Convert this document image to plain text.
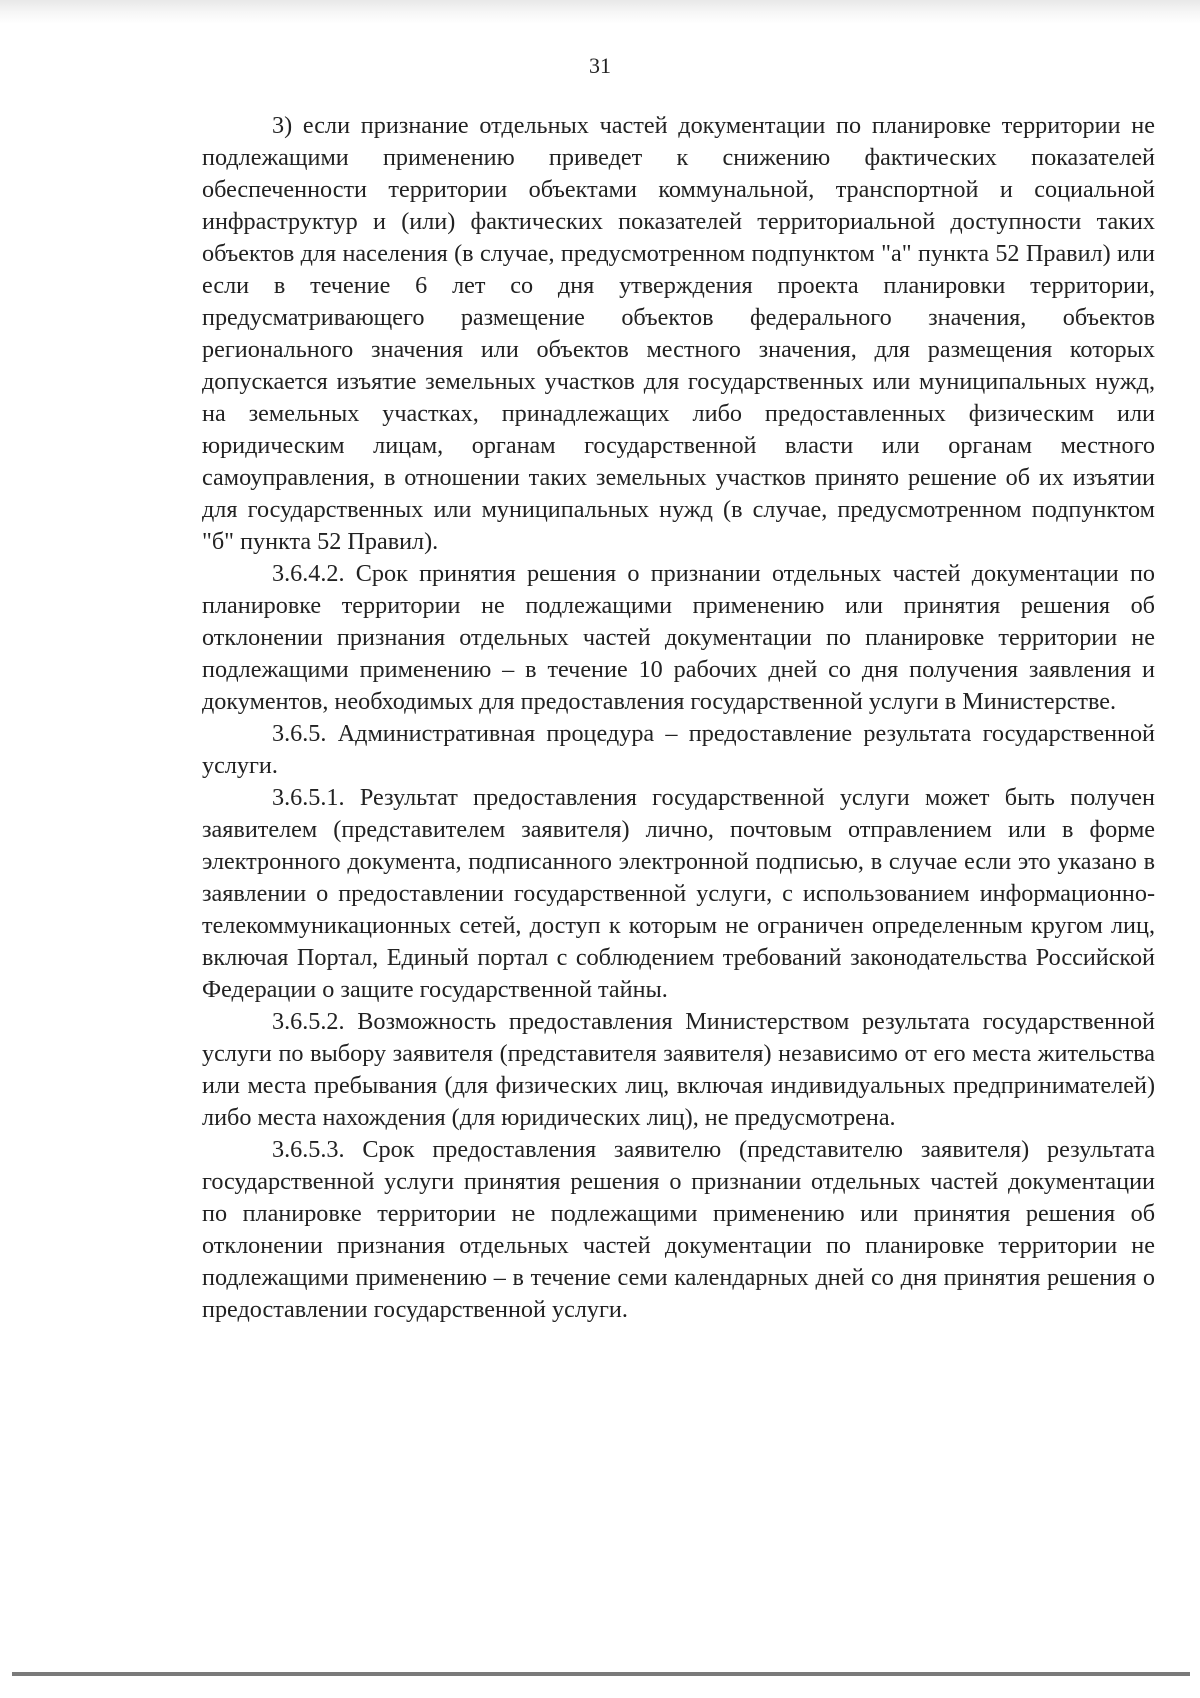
31

3) если признание отдельных частей документации по планировке территории не подлежащими применению приведет к снижению фактических показателей обеспеченности территории объектами коммунальной, транспортной и социальной инфраструктур и (или) фактических показателей территориальной доступности таких объектов для населения (в случае, предусмотренном подпунктом "а" пункта 52 Правил) или если в течение 6 лет со дня утверждения проекта планировки территории, предусматривающего размещение объектов федерального значения, объектов регионального значения или объектов местного значения, для размещения которых допускается изъятие земельных участков для государственных или муниципальных нужд, на земельных участках, принадлежащих либо предоставленных физическим или юридическим лицам, органам государственной власти или органам местного самоуправления, в отношении таких земельных участков принято решение об их изъятии для государственных или муниципальных нужд (в случае, предусмотренном подпунктом "б" пункта 52 Правил).

3.6.4.2. Срок принятия решения о признании отдельных частей документации по планировке территории не подлежащими применению или принятия решения об отклонении признания отдельных частей документации по планировке территории не подлежащими применению – в течение 10 рабочих дней со дня получения заявления и документов, необходимых для предоставления государственной услуги в Министерстве.

3.6.5. Административная процедура – предоставление результата государственной услуги.

3.6.5.1. Результат предоставления государственной услуги может быть получен заявителем (представителем заявителя) лично, почтовым отправлением или в форме электронного документа, подписанного электронной подписью, в случае если это указано в заявлении о предоставлении государственной услуги, с использованием информационно-телекоммуникационных сетей, доступ к которым не ограничен определенным кругом лиц, включая Портал, Единый портал с соблюдением требований законодательства Российской Федерации о защите государственной тайны.

3.6.5.2. Возможность предоставления Министерством результата государственной услуги по выбору заявителя (представителя заявителя) независимо от его места жительства или места пребывания (для физических лиц, включая индивидуальных предпринимателей) либо места нахождения (для юридических лиц), не предусмотрена.

3.6.5.3. Срок предоставления заявителю (представителю заявителя) результата государственной услуги принятия решения о признании отдельных частей документации по планировке территории не подлежащими применению или принятия решения об отклонении признания отдельных частей документации по планировке территории не подлежащими применению – в течение семи календарных дней со дня принятия решения о предоставлении государственной услуги.
